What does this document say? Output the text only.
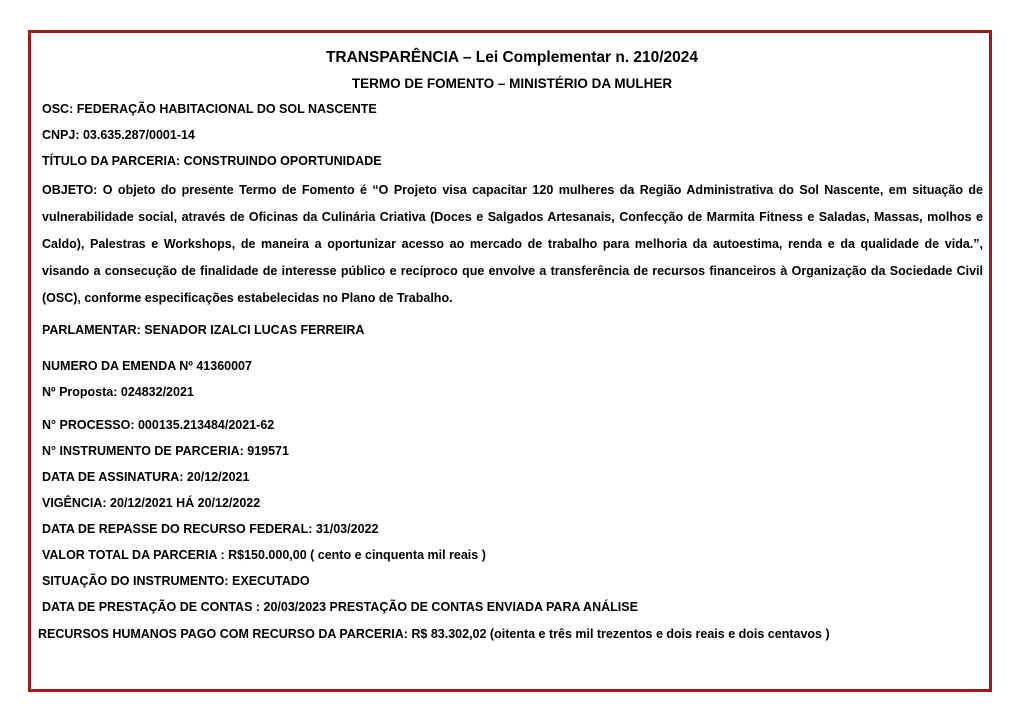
TRANSPARÊNCIA – Lei Complementar n. 210/2024
TERMO DE FOMENTO – MINISTÉRIO DA MULHER
OSC: FEDERAÇÃO HABITACIONAL DO SOL NASCENTE
CNPJ: 03.635.287/0001-14
TÍTULO DA PARCERIA: CONSTRUINDO OPORTUNIDADE
OBJETO: O objeto do presente Termo de Fomento é “O Projeto visa capacitar 120 mulheres da Região Administrativa do Sol Nascente, em situação de vulnerabilidade social, através de Oficinas da Culinária Criativa (Doces e Salgados Artesanais, Confecção de Marmita Fitness e Saladas, Massas, molhos e Caldo), Palestras e Workshops, de maneira a oportunizar acesso ao mercado de trabalho para melhoria da autoestima, renda e da qualidade de vida.”, visando a consecução de finalidade de interesse público e recíproco que envolve a transferência de recursos financeiros à Organização da Sociedade Civil (OSC), conforme especificações estabelecidas no Plano de Trabalho.
PARLAMENTAR: SENADOR IZALCI LUCAS FERREIRA
NUMERO DA EMENDA Nº 41360007
Nº Proposta: 024832/2021
N° PROCESSO: 000135.213484/2021-62
N° INSTRUMENTO DE PARCERIA: 919571
DATA DE ASSINATURA: 20/12/2021
VIGÊNCIA: 20/12/2021 HÁ 20/12/2022
DATA DE REPASSE DO RECURSO FEDERAL: 31/03/2022
VALOR TOTAL DA PARCERIA : R$150.000,00 ( cento e cinquenta mil reais )
SITUAÇÃO DO INSTRUMENTO: EXECUTADO
DATA DE PRESTAÇÃO DE CONTAS : 20/03/2023 PRESTAÇÃO DE CONTAS ENVIADA PARA ANÁLISE
RECURSOS HUMANOS PAGO COM RECURSO DA PARCERIA: R$ 83.302,02 (oitenta e três mil trezentos e dois reais e dois centavos )
